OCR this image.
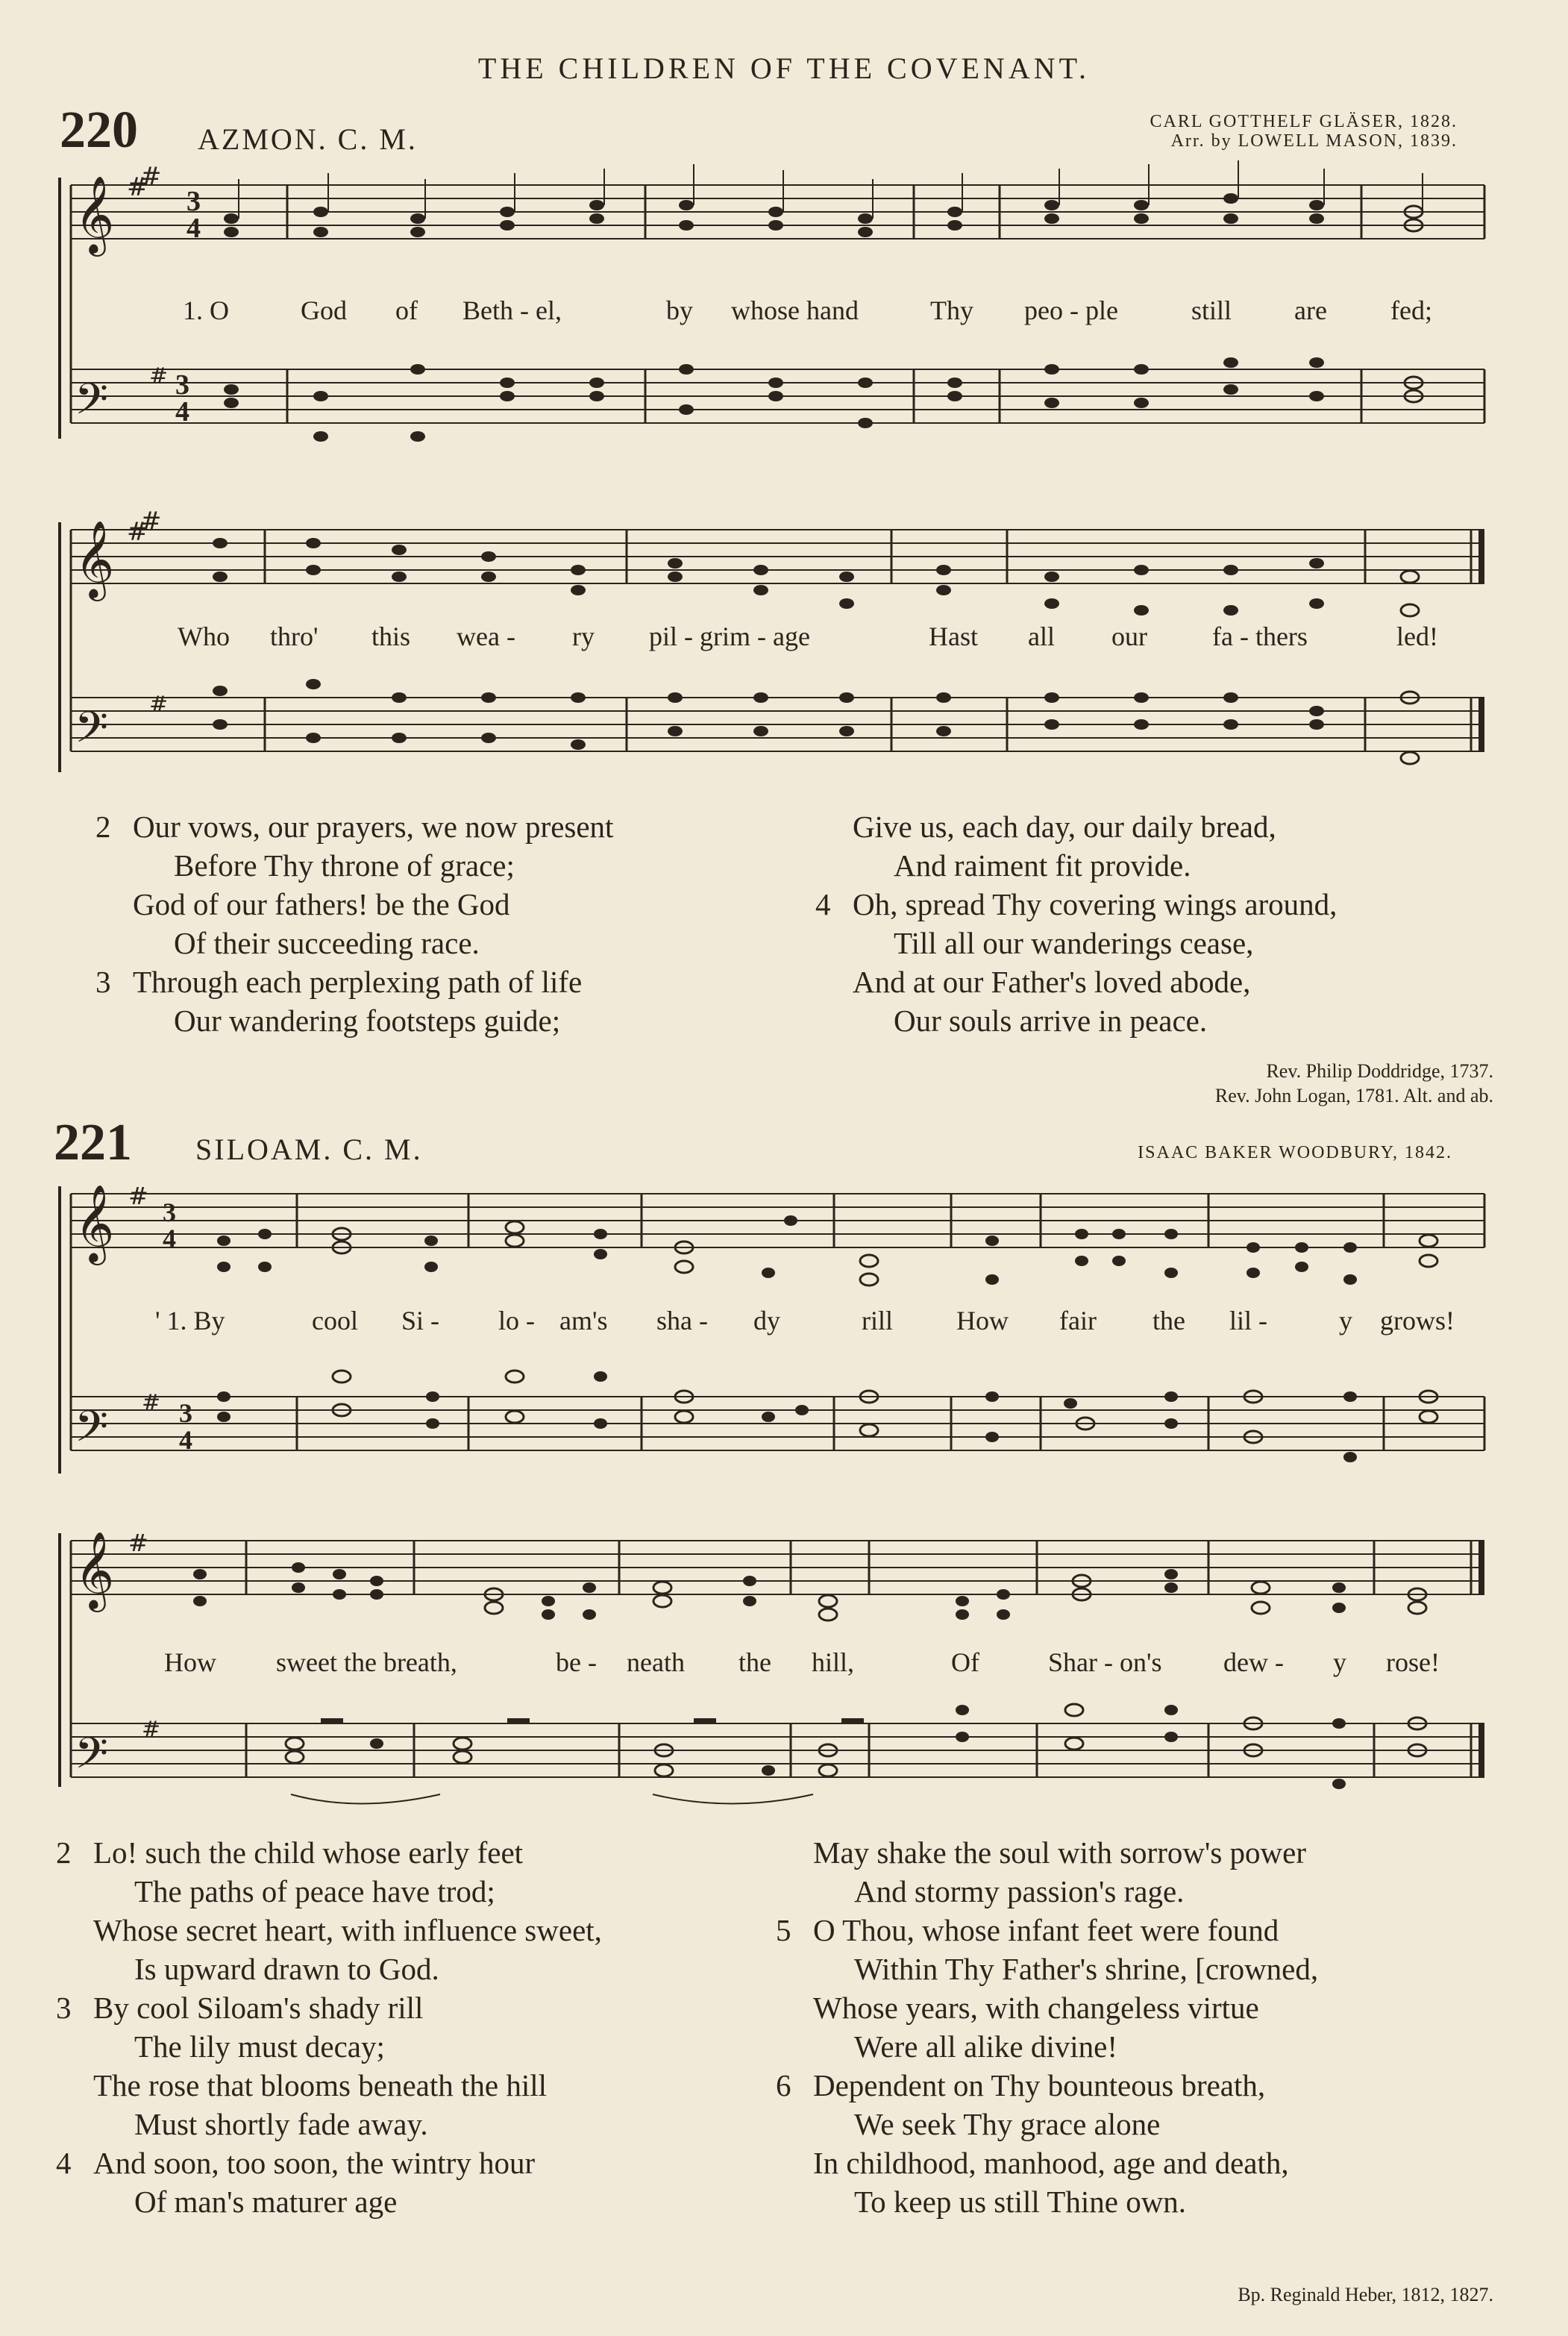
THE CHILDREN OF THE COVENANT.
220 AZMON. C. M.
CARL GOTTHELF GLÄSER, 1828.
Arr. by LOWELL MASON, 1839.
𝄞
𝄢
#
#
3
4
3
4
#
1. O	God of Beth - el,	by whose hand	Thy peo - ple	still are fed;
𝄞
𝄢
#
#
#
Who thro' this wea - ry pil - grim - age	Hast all our fa - thers	led!
2 Our vows, our prayers, we now present
Before Thy throne of grace;
God of our fathers! be the God
Of their succeeding race.
3 Through each perplexing path of life
Our wandering footsteps guide;
Give us, each day, our daily bread,
And raiment fit provide.
4 Oh, spread Thy covering wings around,
Till all our wanderings cease,
And at our Father's loved abode,
Our souls arrive in peace.
Rev. Philip Doddridge, 1737.
Rev. John Logan, 1781. Alt. and ab.
221 SILOAM. C. M.	ISAAC BAKER WOODBURY, 1842.
𝄞
𝄢
#
3
4
# 3
4
' 1. By	cool Si - lo - am's sha - dy	rill How fair the lil -	y grows!
𝄞
𝄢
#
#
How sweet the breath,	be - neath the hill,	Of	Shar - on's dew - y rose!
2 Lo! such the child whose early feet
The paths of peace have trod;
Whose secret heart, with influence sweet,
Is upward drawn to God.
3 By cool Siloam's shady rill
The lily must decay;
The rose that blooms beneath the hill
Must shortly fade away.
4 And soon, too soon, the wintry hour
Of man's maturer age
May shake the soul with sorrow's power
And stormy passion's rage.
5 O Thou, whose infant feet were found
Within Thy Father's shrine, [crowned,
Whose years, with changeless virtue
Were all alike divine!
6 Dependent on Thy bounteous breath,
We seek Thy grace alone
In childhood, manhood, age and death,
To keep us still Thine own.
Bp. Reginald Heber, 1812, 1827.
